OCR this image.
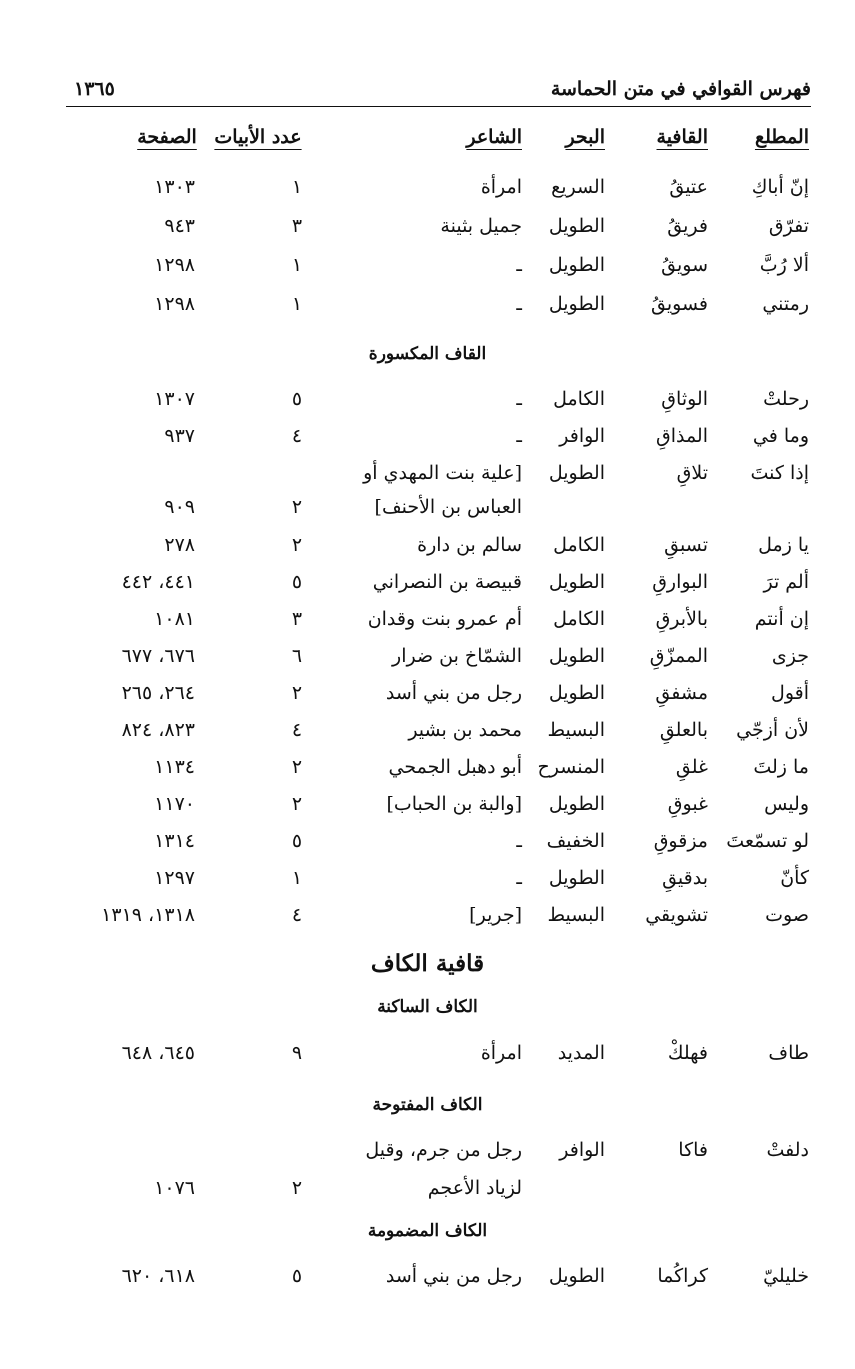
فهرس القوافي في متن الحماسة
١٣٦٥
المطلع
القافية
البحر
الشاعر
عدد الأبيات
الصفحة
إنّ أباكِ
عتيقُ
السريع
امرأة
١
١٣٠٣
تفرّق
فريقُ
الطويل
جميل بثينة
٣
٩٤٣
ألا رُبَّ
سويقُ
الطويل
ـ
١
١٢٩٨
رمتني
فسويقُ
الطويل
ـ
١
١٢٩٨
القاف المكسورة
رحلتْ
الوثاقِ
الكامل
ـ
٥
١٣٠٧
وما في
المذاقِ
الوافر
ـ
٤
٩٣٧
إذا كنتَ
تلاقِ
الطويل
[علية بنت المهدي أو
العباس بن الأحنف]
٢
٩٠٩
يا زمل
تسبقِ
الكامل
سالم بن دارة
٢
٢٧٨
ألم ترَ
البوارقِ
الطويل
قبيصة بن النصراني
٥
٤٤١، ٤٤٢
إن أنتم
بالأبرقِ
الكامل
أم عمرو بنت وقدان
٣
١٠٨١
جزى
الممزّقِ
الطويل
الشمّاخ بن ضرار
٦
٦٧٦، ٦٧٧
أقول
مشفقِ
الطويل
رجل من بني أسد
٢
٢٦٤، ٢٦٥
لأن أزجّي
بالعلقِ
البسيط
محمد بن بشير
٤
٨٢٣، ٨٢٤
ما زلتَ
غلقِ
المنسرح
أبو دهبل الجمحي
٢
١١٣٤
وليس
غبوقِ
الطويل
[والبة بن الحباب]
٢
١١٧٠
لو تسمّعتَ
مزقوقِ
الخفيف
ـ
٥
١٣١٤
كأنّ
بدقيقِ
الطويل
ـ
١
١٢٩٧
صوت
تشويقي
البسيط
[جرير]
٤
١٣١٨، ١٣١٩
قافية الكاف
الكاف الساكنة
طاف
فهلكْ
المديد
امرأة
٩
٦٤٥، ٦٤٨
الكاف المفتوحة
دلفتْ
فاكا
الوافر
رجل من جرم، وقيل
لزياد الأعجم
٢
١٠٧٦
الكاف المضمومة
خليليّ
كراكُما
الطويل
رجل من بني أسد
٥
٦١٨، ٦٢٠
